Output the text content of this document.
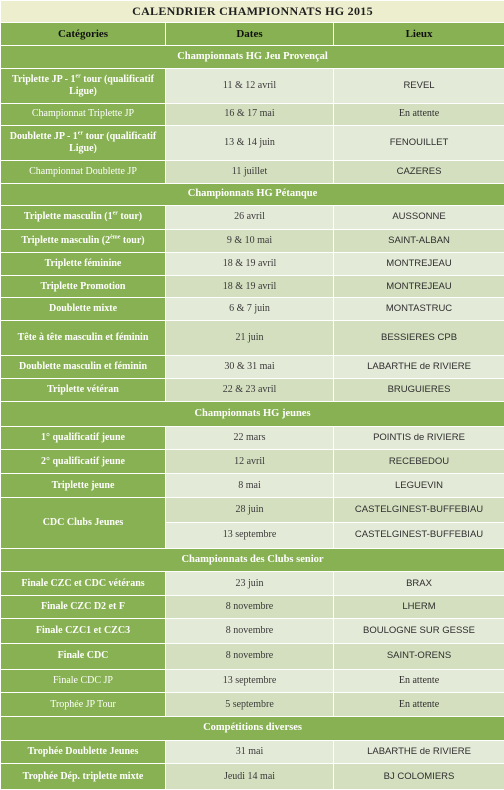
CALENDRIER CHAMPIONNATS HG 2015		
Catégories	Dates	Lieux
Championnats HG Jeu Provençal		
Triplette JP - 1er tour (qualificatif Ligue)	11 & 12 avril	REVEL
Championnat Triplette JP	16 & 17 mai	En attente
Doublette JP - 1er tour (qualificatif Ligue)	13 & 14 juin	FENOUILLET
Championnat Doublette JP	11 juillet	CAZERES
Championnats HG Pétanque		
Triplette masculin (1er tour)	26 avril	AUSSONNE
Triplette masculin (2ème tour)	9 & 10 mai	SAINT-ALBAN
Triplette féminine	18 & 19 avril	MONTREJEAU
Triplette Promotion	18 & 19 avril	MONTREJEAU
Doublette mixte	6 & 7 juin	MONTASTRUC
Tête à tête masculin et féminin	21 juin	BESSIERES CPB
Doublette masculin et féminin	30 & 31 mai	LABARTHE de RIVIERE
Triplette vétéran	22 & 23 avril	BRUGUIERES
Championnats HG jeunes		
1° qualificatif jeune	22 mars	POINTIS de RIVIERE
2° qualificatif jeune	12 avril	RECEBEDOU
Triplette jeune	8 mai	LEGUEVIN
CDC Clubs Jeunes	28 juin	CASTELGINEST-BUFFEBIAU
	13 septembre	CASTELGINEST-BUFFEBIAU
Championnats des Clubs senior		
Finale CZC et CDC vétérans	23 juin	BRAX
Finale CZC D2 et F	8 novembre	LHERM
Finale CZC1 et CZC3	8 novembre	BOULOGNE SUR GESSE
Finale CDC	8 novembre	SAINT-ORENS
Finale CDC JP	13 septembre	En attente
Trophée JP Tour	5 septembre	En attente
Compétitions diverses		
Trophée Doublette Jeunes	31 mai	LABARTHE de RIVIERE
Trophée Dép. triplette mixte	Jeudi 14 mai	BJ COLOMIERS
